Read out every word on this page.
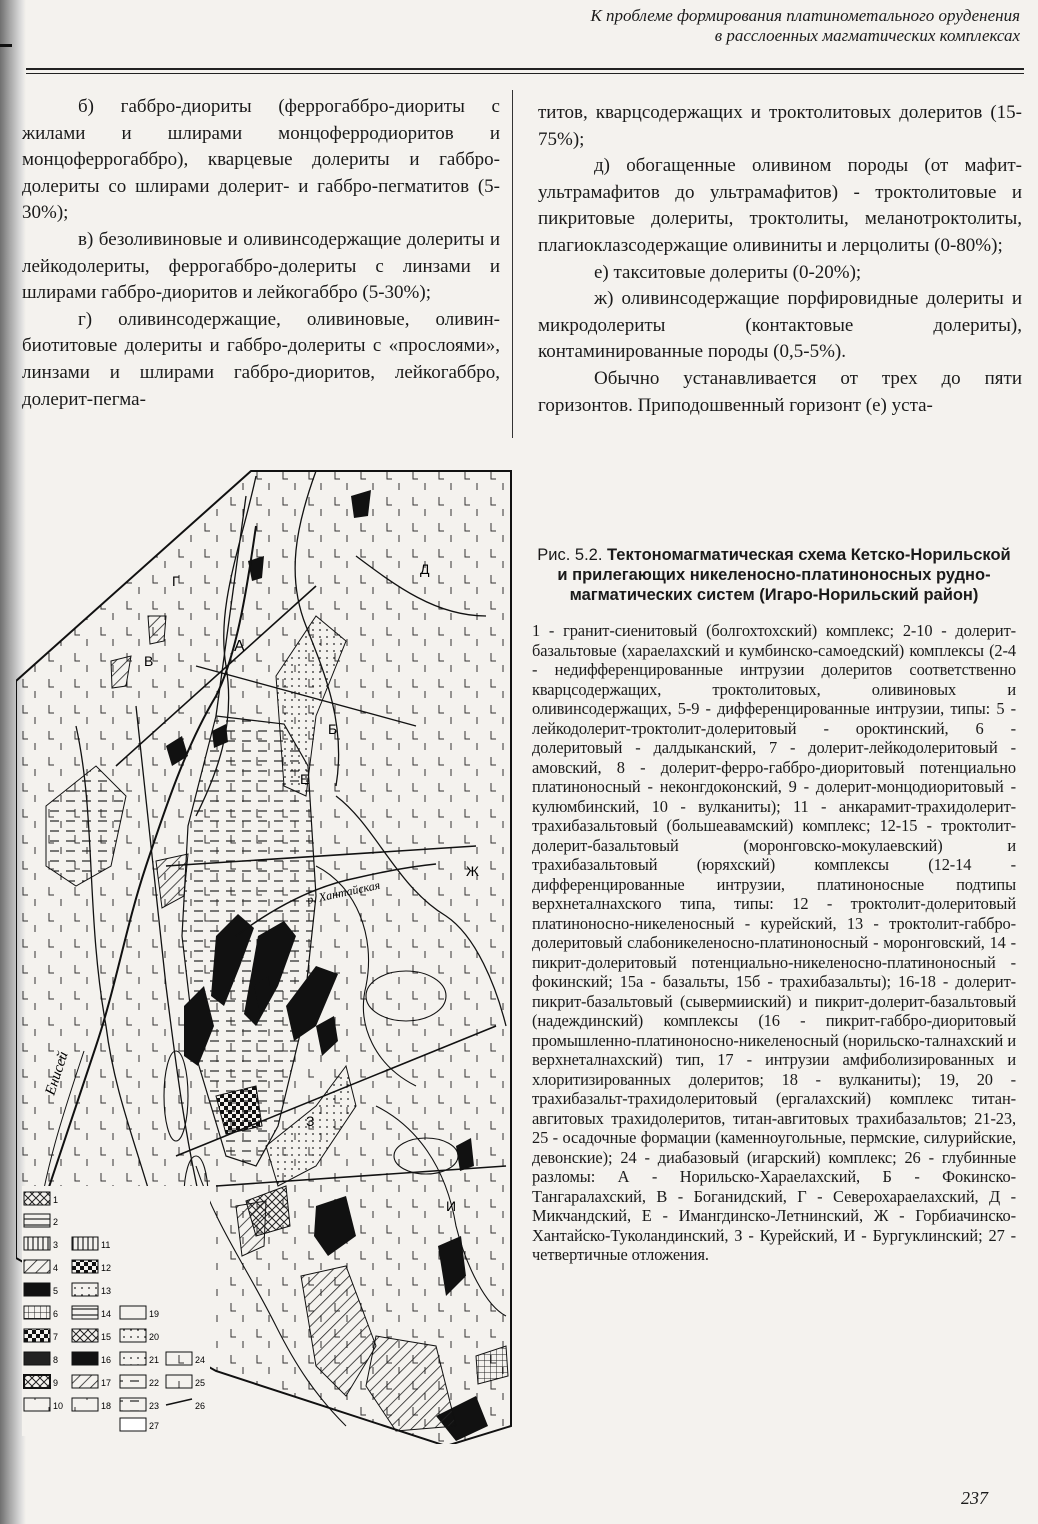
К проблеме формирования платинометального оруденения
в расслоенных магматических комплексах

б) габбро-диориты (феррогаббро-диориты с жилами и шлирами монцоферродиоритов и монцоферрогаббро), кварцевые долериты и габбро-долериты со шлирами долерит- и габбро-пегматитов (5-30%);

в) безоливиновые и оливинсодержащие долериты и лейкодолериты, феррогаббро-долериты с линзами и шлирами габбро-диоритов и лейкогаббро (5-30%);

г) оливинсодержащие, оливиновые, оливин-биотитовые долериты и габбро-долериты с «прослоями», линзами и шлирами габбро-диоритов, лейкогаббро, долерит-пегма-

титов, кварцсодержащих и троктолитовых долеритов (15-75%);

д) обогащенные оливином породы (от мафит-ультрамафитов до ультрамафитов) - троктолитовые и пикритовые долериты, троктолиты, меланотроктолиты, плагиоклазсодержащие оливиниты и лерцолиты (0-80%);

е) такситовые долериты (0-20%);

ж) оливинсодержащие порфировидные долериты и микродолериты (контактовые долериты), контаминированные породы (0,5-5%).

Обычно устанавливается от трех до пяти горизонтов. Приподошвенный горизонт (е) уста-

Енисей
р. Хантайская
А
Б
В
Г
Д
Е
Ж
З
И
1
2
3
4
5
6
7
8
9
10
11
12
13
14
15
16
17
18
19
20
21
22
23
24
25
26
27

Рис. 5.2. Тектономагматическая схема Кетско-Норильской и прилегающих никеленосно-платиноносных рудно-магматических систем (Игаро-Норильский район)

1 - гранит-сиенитовый (болгохтохский) комплекс; 2-10 - долерит-базальтовые (хараелахский и кумбинско-самоедский) комплексы (2-4 - недифференцированные интрузии долеритов соответственно кварцсодержащих, троктолитовых, оливиновых и оливинсодержащих, 5-9 - дифференцированные интрузии, типы: 5 - лейкодолерит-троктолит-долеритовый - ороктинский, 6 - долеритовый - далдыканский, 7 - долерит-лейкодолеритовый - амовский, 8 - долерит-ферро-габбро-диоритовый потенциально платиноносный - неконгдоконский, 9 - долерит-монцодиоритовый - кулюмбинский, 10 - вулканиты); 11 - анкарамит-трахидолерит-трахибазальтовый (большеавамский) комплекс; 12-15 - троктолит-долерит-базальтовый (моронговско-мокулаевский) и трахибазальтовый (юряхский) комплексы (12-14 - дифференцированные интрузии, платиноносные подтипы верхнеталнахского типа, типы: 12 - троктолит-долеритовый платиноносно-никеленосный - курейский, 13 - троктолит-габбро-долеритовый слабоникеленосно-платиноносный - моронговский, 14 - пикрит-долеритовый потенциально-никеленосно-платиноносный - фокинский; 15а - базальты, 15б - трахибазальты); 16-18 - долерит-пикрит-базальтовый (сывермииский) и пикрит-долерит-базальтовый (надеждинский) комплексы (16 - пикрит-габбро-диоритовый промышленно-платиноносно-никеленосный (норильско-талнахский и верхнеталнахский) тип, 17 - интрузии амфиболизированных и хлоритизированных долеритов; 18 - вулканиты); 19, 20 - трахибазальт-трахидолеритовый (ергалахский) комплекс титан-авгитовых трахидолеритов, титан-авгитовых трахибазальтов; 21-23, 25 - осадочные формации (каменноугольные, пермские, силурийские, девонские); 24 - диабазовый (игарский) комплекс; 26 - глубинные разломы: А - Норильско-Хараелахский, Б - Фокинско-Тангаралахский, В - Боганидский, Г - Северохараелахский, Д - Микчандский, Е - Имангдинско-Летнинский, Ж - Горбиачинско-Хантайско-Туколандинский, З - Курейский, И - Бургуклинский; 27 - четвертичные отложения.

237
